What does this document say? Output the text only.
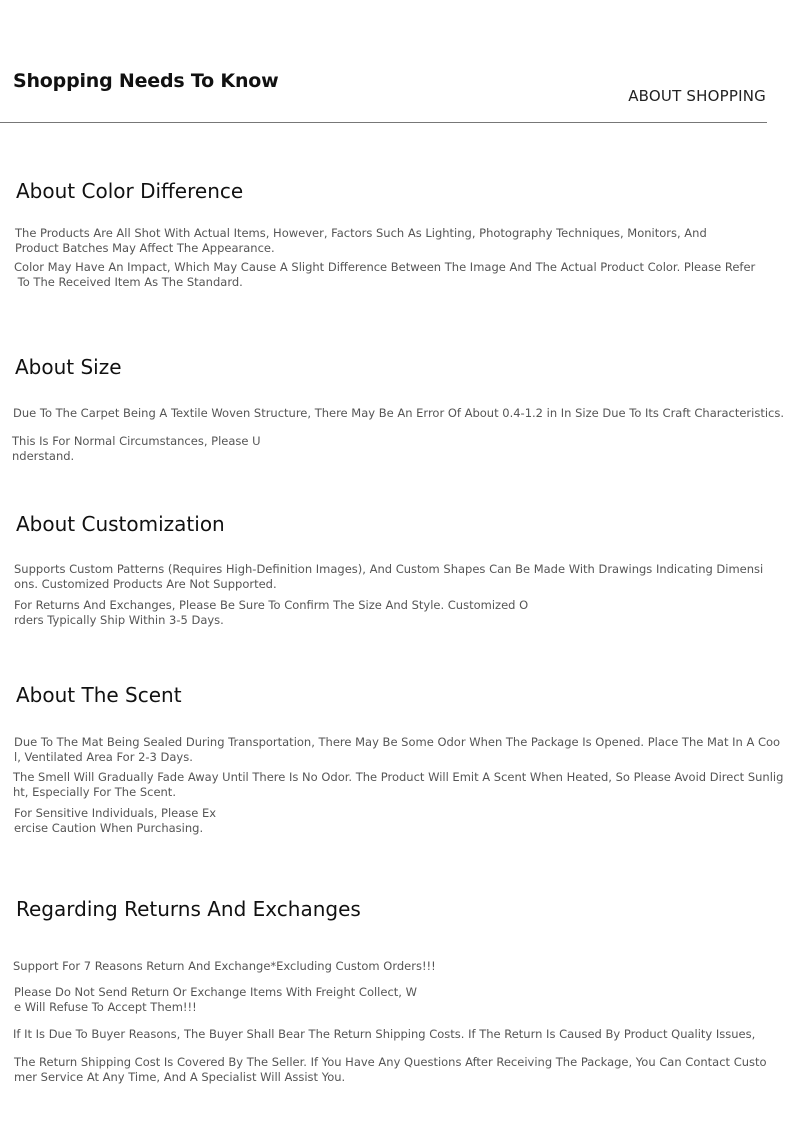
Shopping Needs To Know
ABOUT SHOPPING
About Color Difference

The Products Are All Shot With Actual Items, However, Factors Such As Lighting, Photography Techniques, Monitors, And
Product Batches May Affect The Appearance.

Color May Have An Impact, Which May Cause A Slight Difference Between The Image And The Actual Product Color. Please Refer
To The Received Item As The Standard.

About Size

Due To The Carpet Being A Textile Woven Structure, There May Be An Error Of About 0.4-1.2 in In Size Due To Its Craft Characteristics.

This Is For Normal Circumstances, Please U
nderstand.

About Customization

Supports Custom Patterns (Requires High-Definition Images), And Custom Shapes Can Be Made With Drawings Indicating Dimensi
ons. Customized Products Are Not Supported.

For Returns And Exchanges, Please Be Sure To Confirm The Size And Style. Customized O
rders Typically Ship Within 3-5 Days.

About The Scent

Due To The Mat Being Sealed During Transportation, There May Be Some Odor When The Package Is Opened. Place The Mat In A Coo
l, Ventilated Area For 2-3 Days.

The Smell Will Gradually Fade Away Until There Is No Odor. The Product Will Emit A Scent When Heated, So Please Avoid Direct Sunlig
ht, Especially For The Scent.

For Sensitive Individuals, Please Ex
ercise Caution When Purchasing.

Regarding Returns And Exchanges

Support For 7 Reasons Return And Exchange*Excluding Custom Orders!!!

Please Do Not Send Return Or Exchange Items With Freight Collect, W
e Will Refuse To Accept Them!!!

If It Is Due To Buyer Reasons, The Buyer Shall Bear The Return Shipping Costs. If The Return Is Caused By Product Quality Issues,

The Return Shipping Cost Is Covered By The Seller. If You Have Any Questions After Receiving The Package, You Can Contact Custo
mer Service At Any Time, And A Specialist Will Assist You.
